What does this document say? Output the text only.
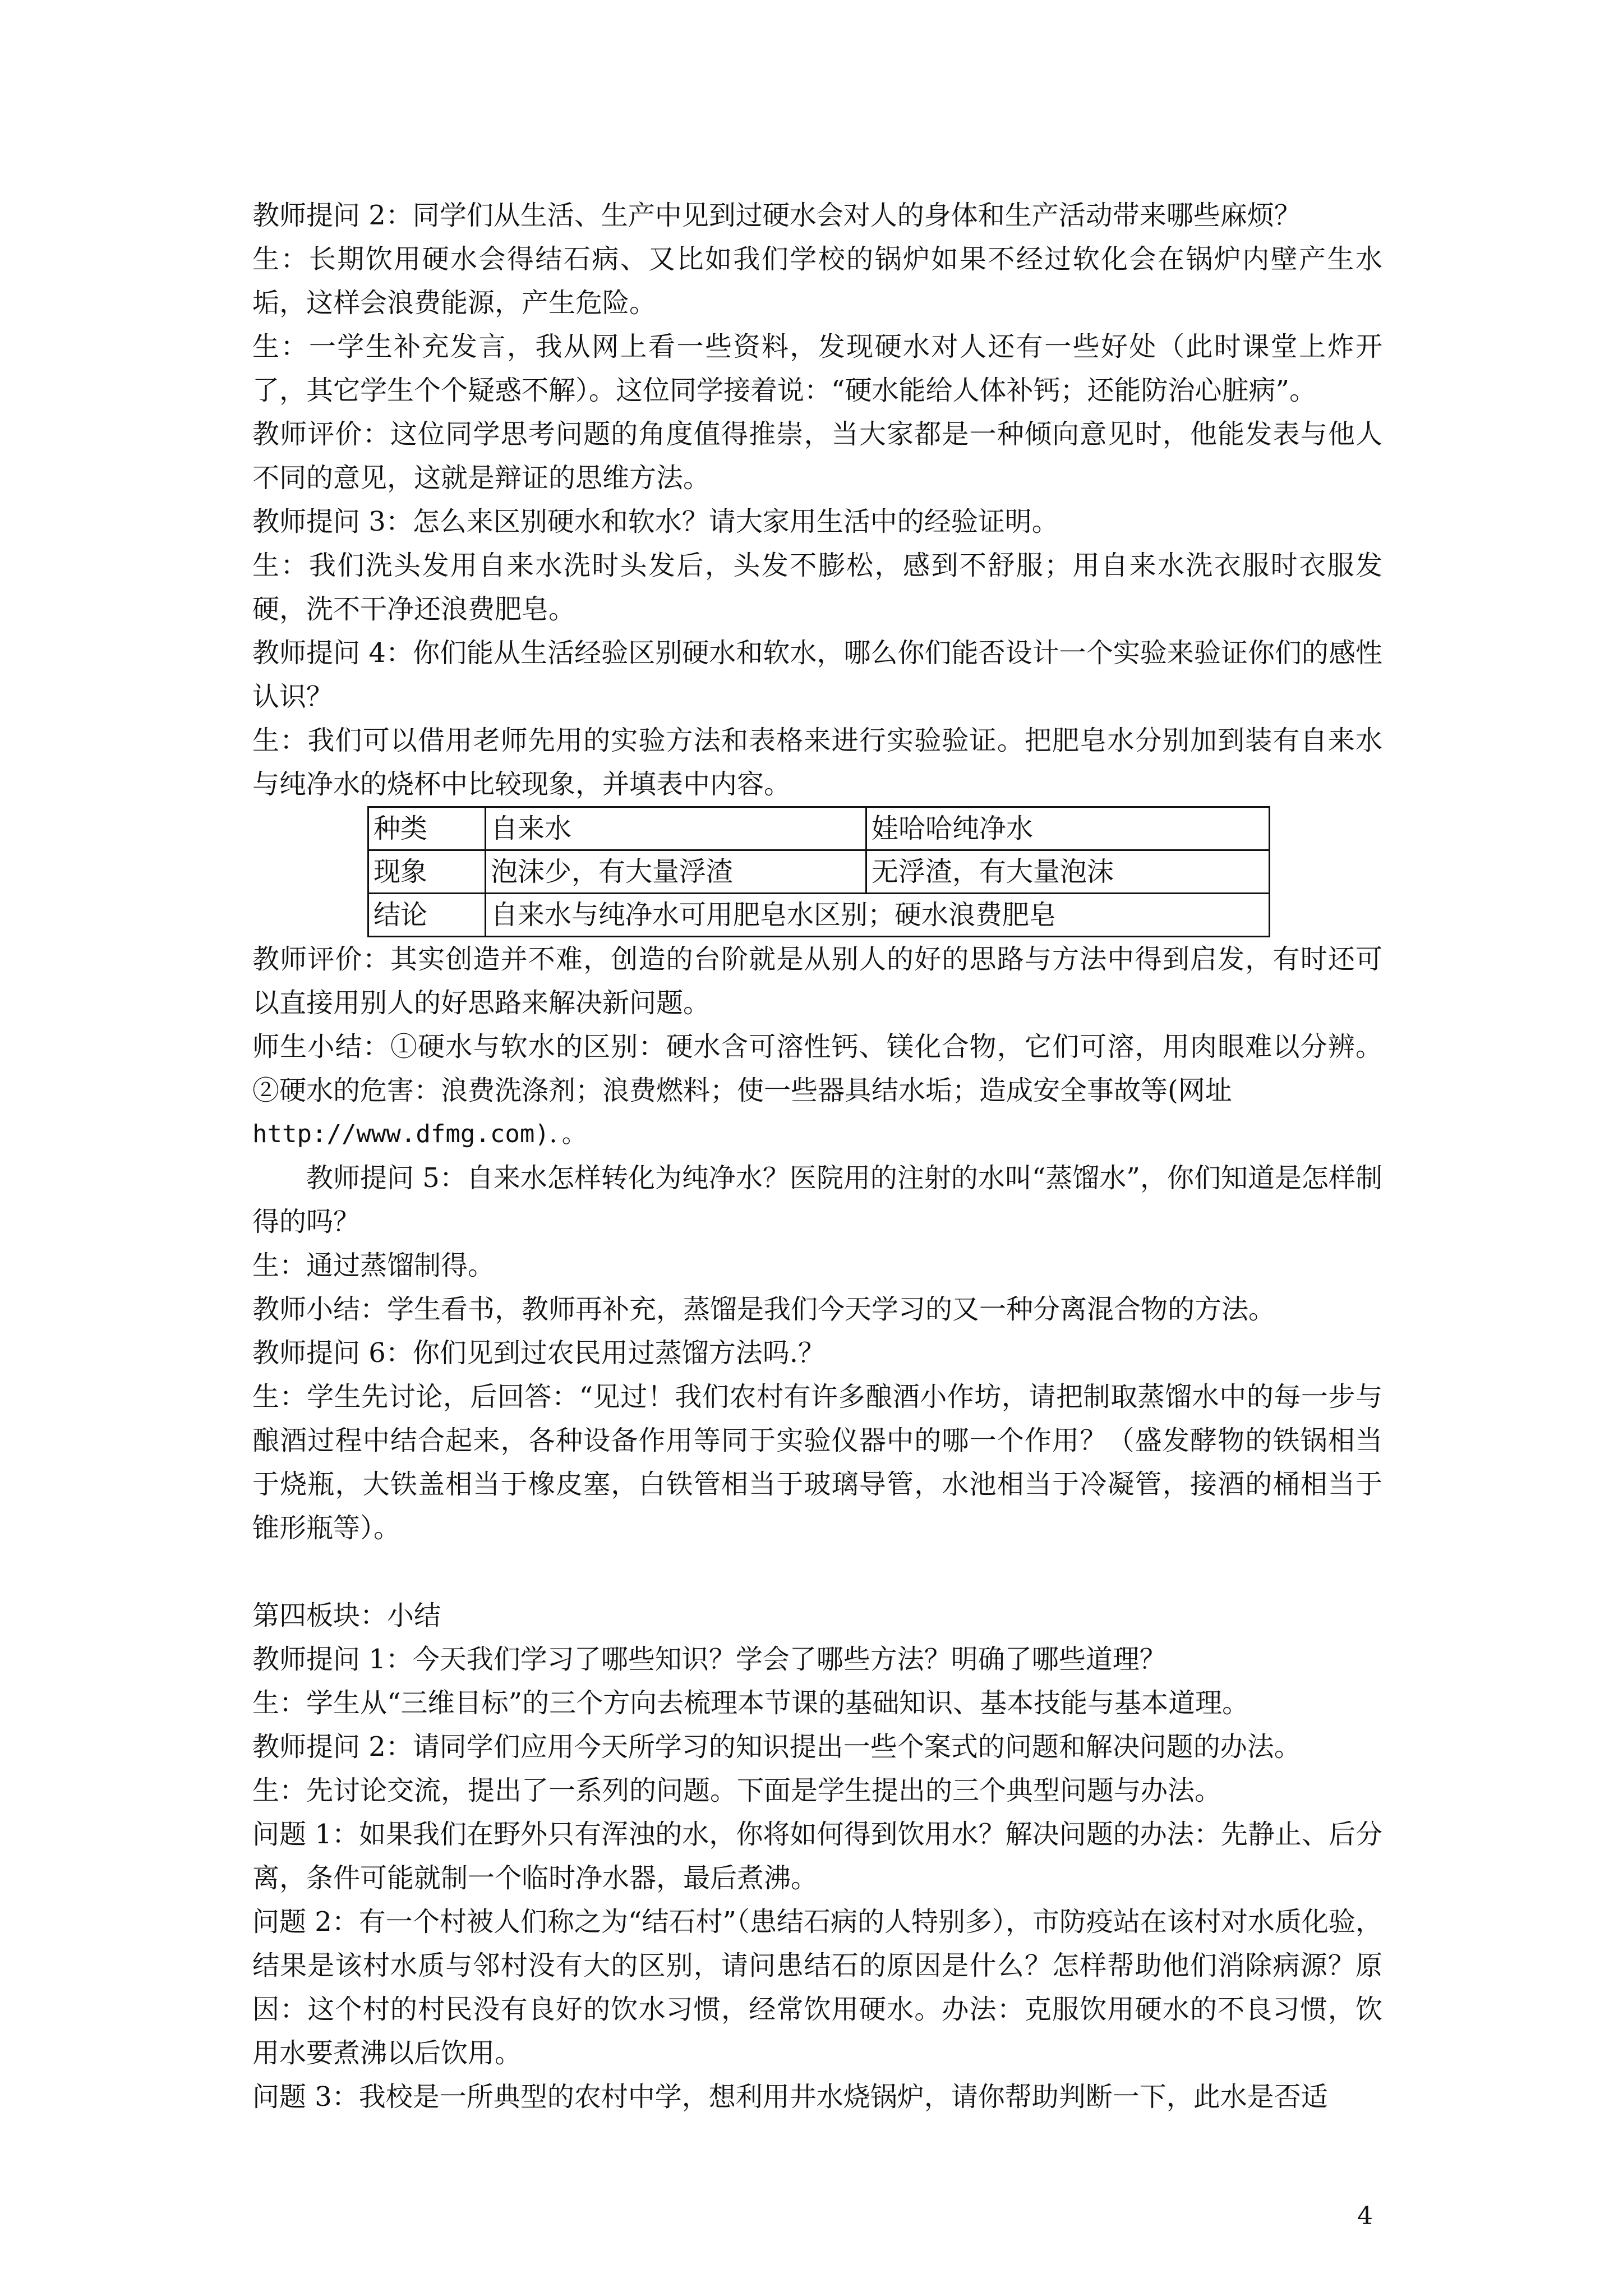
教师提问 2：同学们从生活、生产中见到过硬水会对人的身体和生产活动带来哪些麻烦？

生：长期饮用硬水会得结石病、又比如我们学校的锅炉如果不经过软化会在锅炉内壁产生水垢，这样会浪费能源，产生危险。

生：一学生补充发言，我从网上看一些资料，发现硬水对人还有一些好处（此时课堂上炸开了，其它学生个个疑惑不解）。这位同学接着说：“硬水能给人体补钙；还能防治心脏病”。

教师评价：这位同学思考问题的角度值得推崇，当大家都是一种倾向意见时，他能发表与他人不同的意见，这就是辩证的思维方法。

教师提问 3：怎么来区别硬水和软水？请大家用生活中的经验证明。

生：我们洗头发用自来水洗时头发后，头发不膨松，感到不舒服；用自来水洗衣服时衣服发硬，洗不干净还浪费肥皂。

教师提问 4：你们能从生活经验区别硬水和软水，哪么你们能否设计一个实验来验证你们的感性认识？

生：我们可以借用老师先用的实验方法和表格来进行实验验证。把肥皂水分别加到装有自来水与纯净水的烧杯中比较现象，并填表中内容。

种类	自来水	娃哈哈纯净水
现象	泡沫少，有大量浮渣	无浮渣，有大量泡沫
结论	自来水与纯净水可用肥皂水区别；硬水浪费肥皂	

教师评价：其实创造并不难，创造的台阶就是从别人的好的思路与方法中得到启发，有时还可以直接用别人的好思路来解决新问题。

师生小结：①硬水与软水的区别：硬水含可溶性钙、镁化合物，它们可溶，用肉眼难以分辨。②硬水的危害：浪费洗涤剂；浪费燃料；使一些器具结水垢；造成安全事故等(网址

http://www.dfmg.com)．。

教师提问 5：自来水怎样转化为纯净水？医院用的注射的水叫“蒸馏水”，你们知道是怎样制得的吗？

生：通过蒸馏制得。

教师小结：学生看书，教师再补充，蒸馏是我们今天学习的又一种分离混合物的方法。

教师提问 6：你们见到过农民用过蒸馏方法吗.？

生：学生先讨论，后回答：“见过！我们农村有许多酿酒小作坊，请把制取蒸馏水中的每一步与酿酒过程中结合起来，各种设备作用等同于实验仪器中的哪一个作用？（盛发酵物的铁锅相当于烧瓶，大铁盖相当于橡皮塞，白铁管相当于玻璃导管，水池相当于冷凝管，接酒的桶相当于锥形瓶等）。

第四板块：小结

教师提问 1：今天我们学习了哪些知识？学会了哪些方法？明确了哪些道理？

生：学生从“三维目标”的三个方向去梳理本节课的基础知识、基本技能与基本道理。

教师提问 2：请同学们应用今天所学习的知识提出一些个案式的问题和解决问题的办法。

生：先讨论交流，提出了一系列的问题。下面是学生提出的三个典型问题与办法。

问题 1：如果我们在野外只有浑浊的水，你将如何得到饮用水？解决问题的办法：先静止、后分离，条件可能就制一个临时净水器，最后煮沸。

问题 2：有一个村被人们称之为“结石村”（患结石病的人特别多），市防疫站在该村对水质化验，结果是该村水质与邻村没有大的区别，请问患结石的原因是什么？怎样帮助他们消除病源？原因：这个村的村民没有良好的饮水习惯，经常饮用硬水。办法：克服饮用硬水的不良习惯，饮用水要煮沸以后饮用。

问题 3：我校是一所典型的农村中学，想利用井水烧锅炉，请你帮助判断一下，此水是否适

4
